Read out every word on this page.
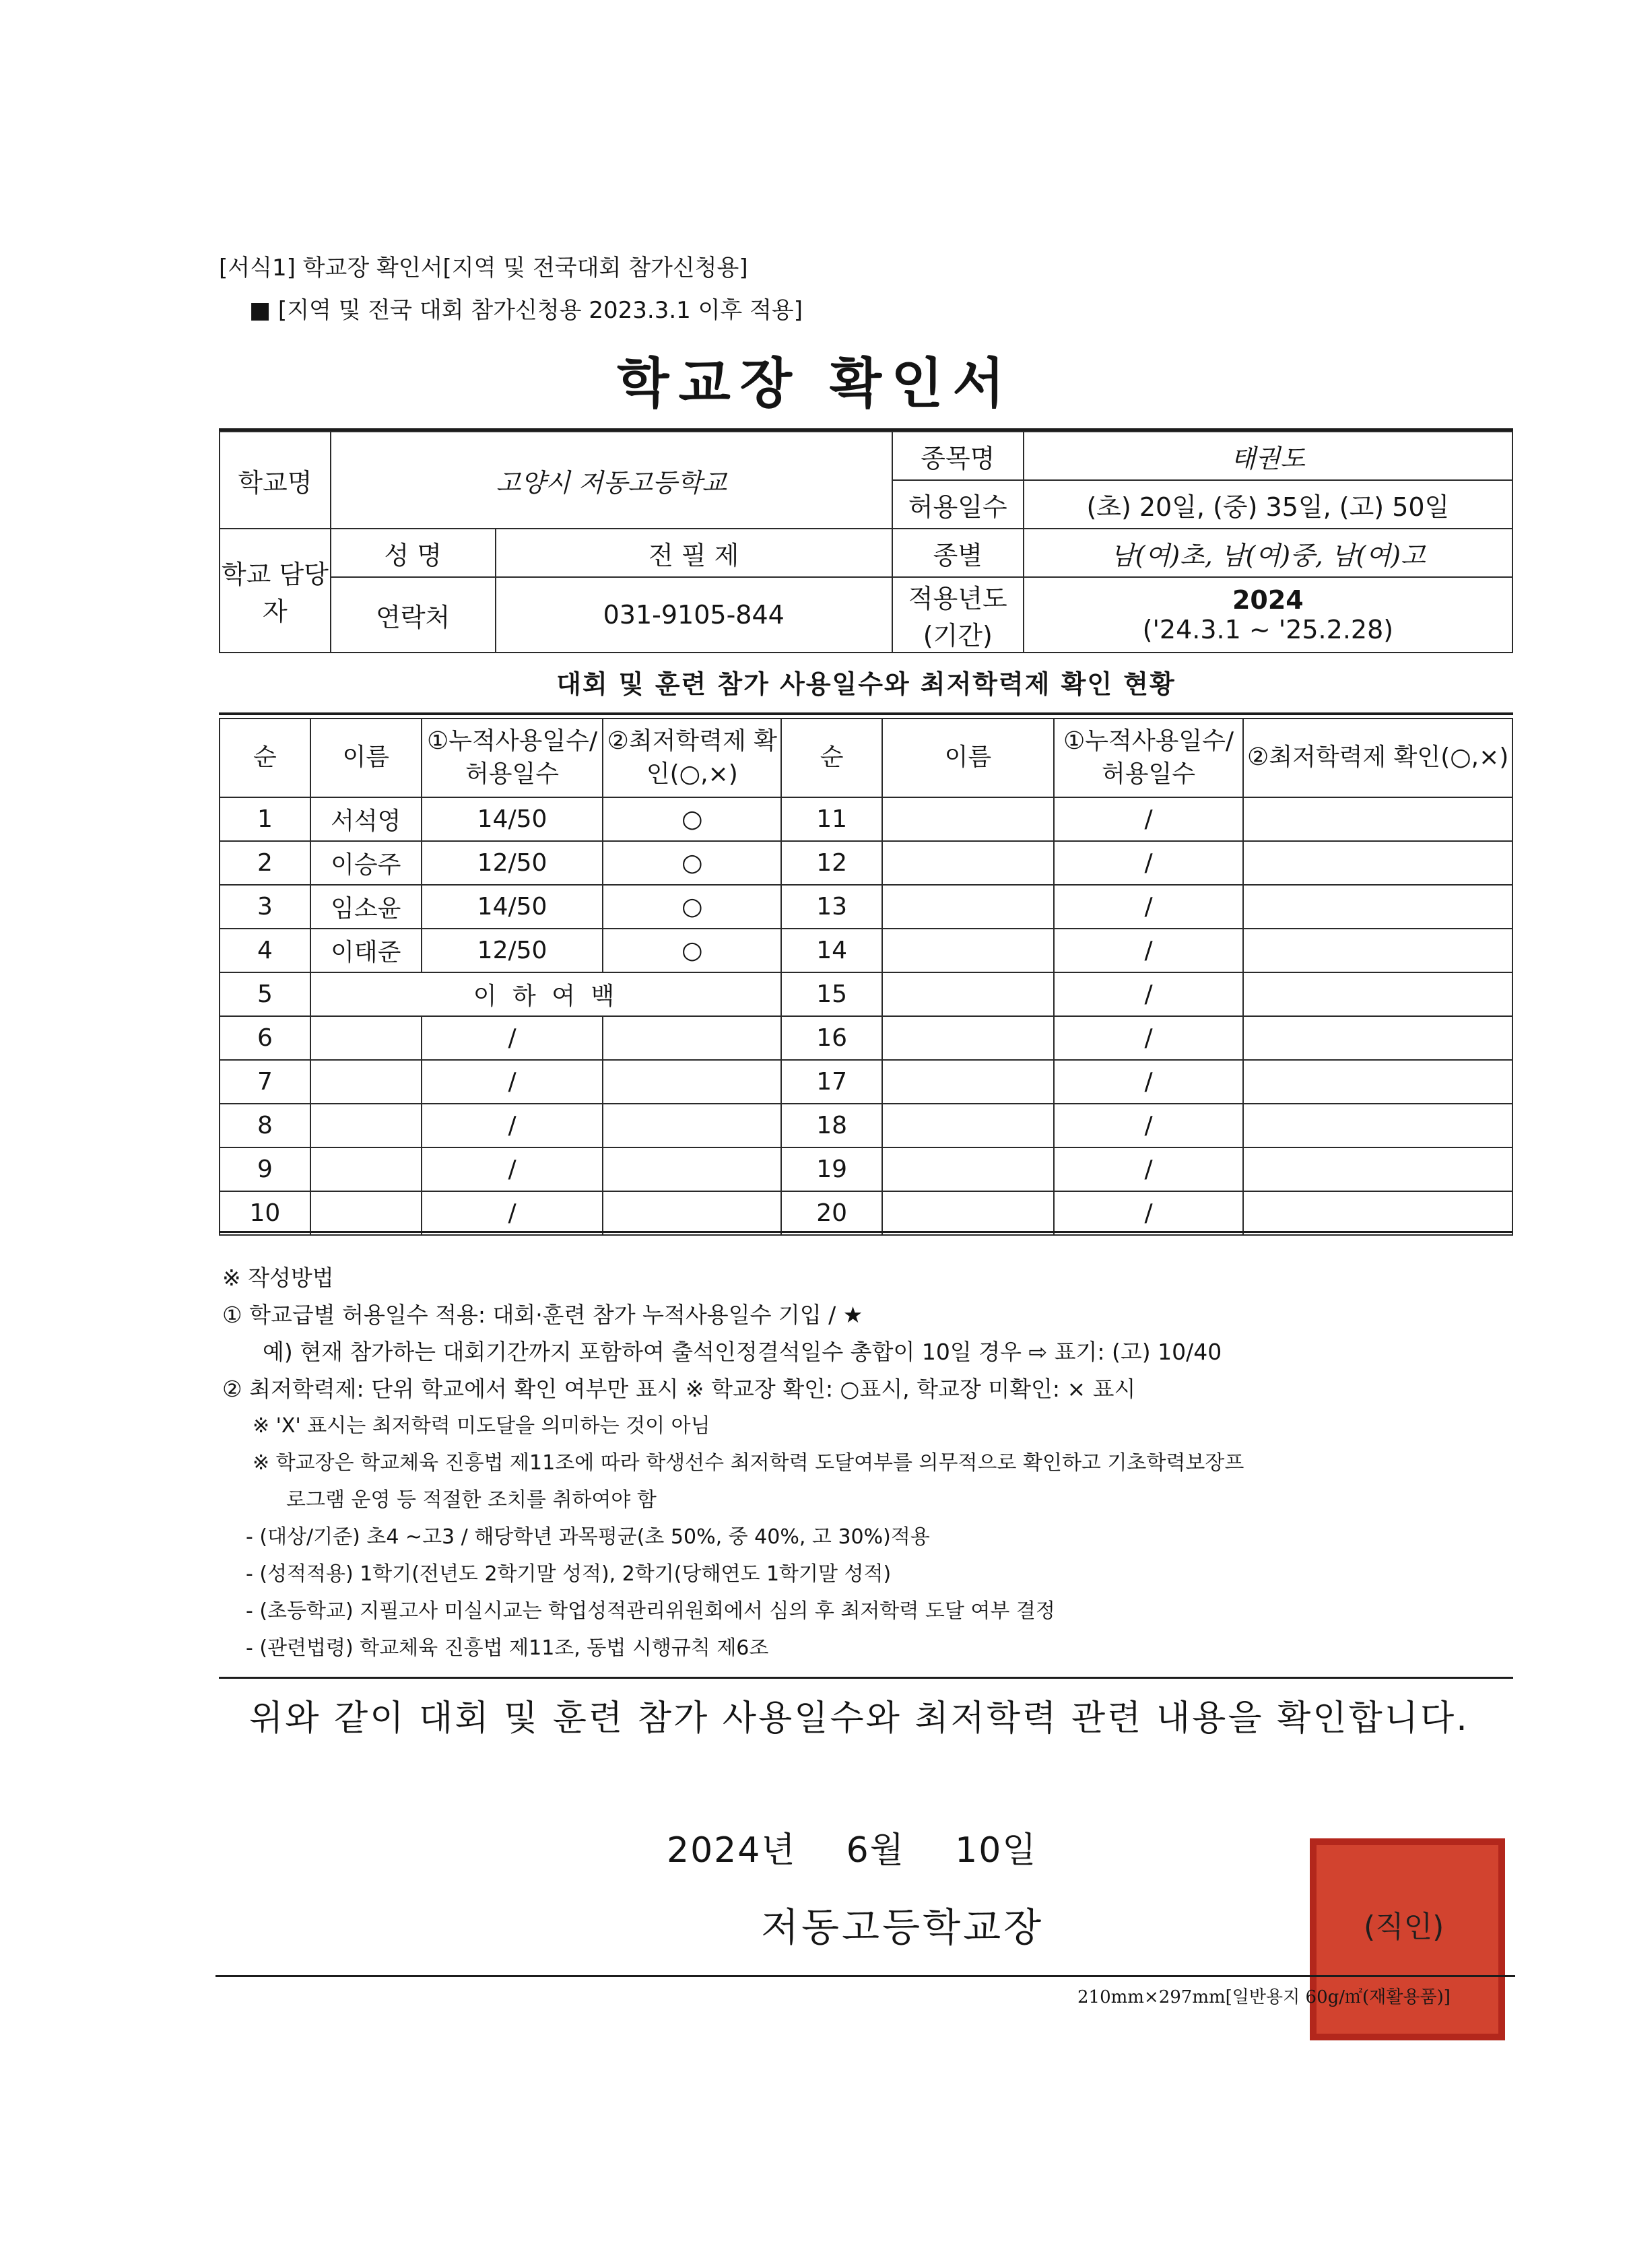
[서식1] 학교장 확인서[지역 및 전국대회 참가신청용]
■ [지역 및 전국 대회 참가신청용 2023.3.1 이후 적용]
학교장 확인서
학교명	고양시 저동고등학교		종목명	태권도
			허용일수	(초) 20일, (중) 35일, (고) 50일
학교 담당자	성 명	전 필 제	종별	남(여)초, 남(여)중, 남(여)고
	연락처	031-9105-844	적용년도 (기간)	2024
('24.3.1 ~ '25.2.28)
대회 및 훈련 참가 사용일수와 최저학력제 확인 현황
순	이름	①누적사용일수/ 허용일수	②최저학력제 확인(○,×)	순	이름	①누적사용일수/ 허용일수	②최저학력제 확인(○,×)
1	서석영	14/50	○	11		/	
2	이승주	12/50	○	12		/	
3	임소윤	14/50	○	13		/	
4	이태준	12/50	○	14		/	
5	이 하 여 백			15		/	
6		/		16		/	
7		/		17		/	
8		/		18		/	
9		/		19		/	
10		/		20		/	
※ 작성방법
① 학교급별 허용일수 적용: 대회·훈련 참가 누적사용일수 기입 / ★
예) 현재 참가하는 대회기간까지 포함하여 출석인정결석일수 총합이 10일 경우 ⇨ 표기: (고) 10/40
② 최저학력제: 단위 학교에서 확인 여부만 표시 ※ 학교장 확인: ○표시, 학교장 미확인: × 표시
※ 'X' 표시는 최저학력 미도달을 의미하는 것이 아님
※ 학교장은 학교체육 진흥법 제11조에 따라 학생선수 최저학력 도달여부를 의무적으로 확인하고 기초학력보장프
로그램 운영 등 적절한 조치를 취하여야 함
- (대상/기준) 초4 ~고3 / 해당학년 과목평균(초 50%, 중 40%, 고 30%)적용
- (성적적용) 1학기(전년도 2학기말 성적), 2학기(당해연도 1학기말 성적)
- (초등학교) 지필고사 미실시교는 학업성적관리위원회에서 심의 후 최저학력 도달 여부 결정
- (관련법령) 학교체육 진흥법 제11조, 동법 시행규칙 제6조
위와 같이 대회 및 훈련 참가 사용일수와 최저학력 관련 내용을 확인합니다.
2024년    6월    10일
저동고등학교장	(직인)
210mm×297mm[일반용지 60g/㎡(재활용품)]
